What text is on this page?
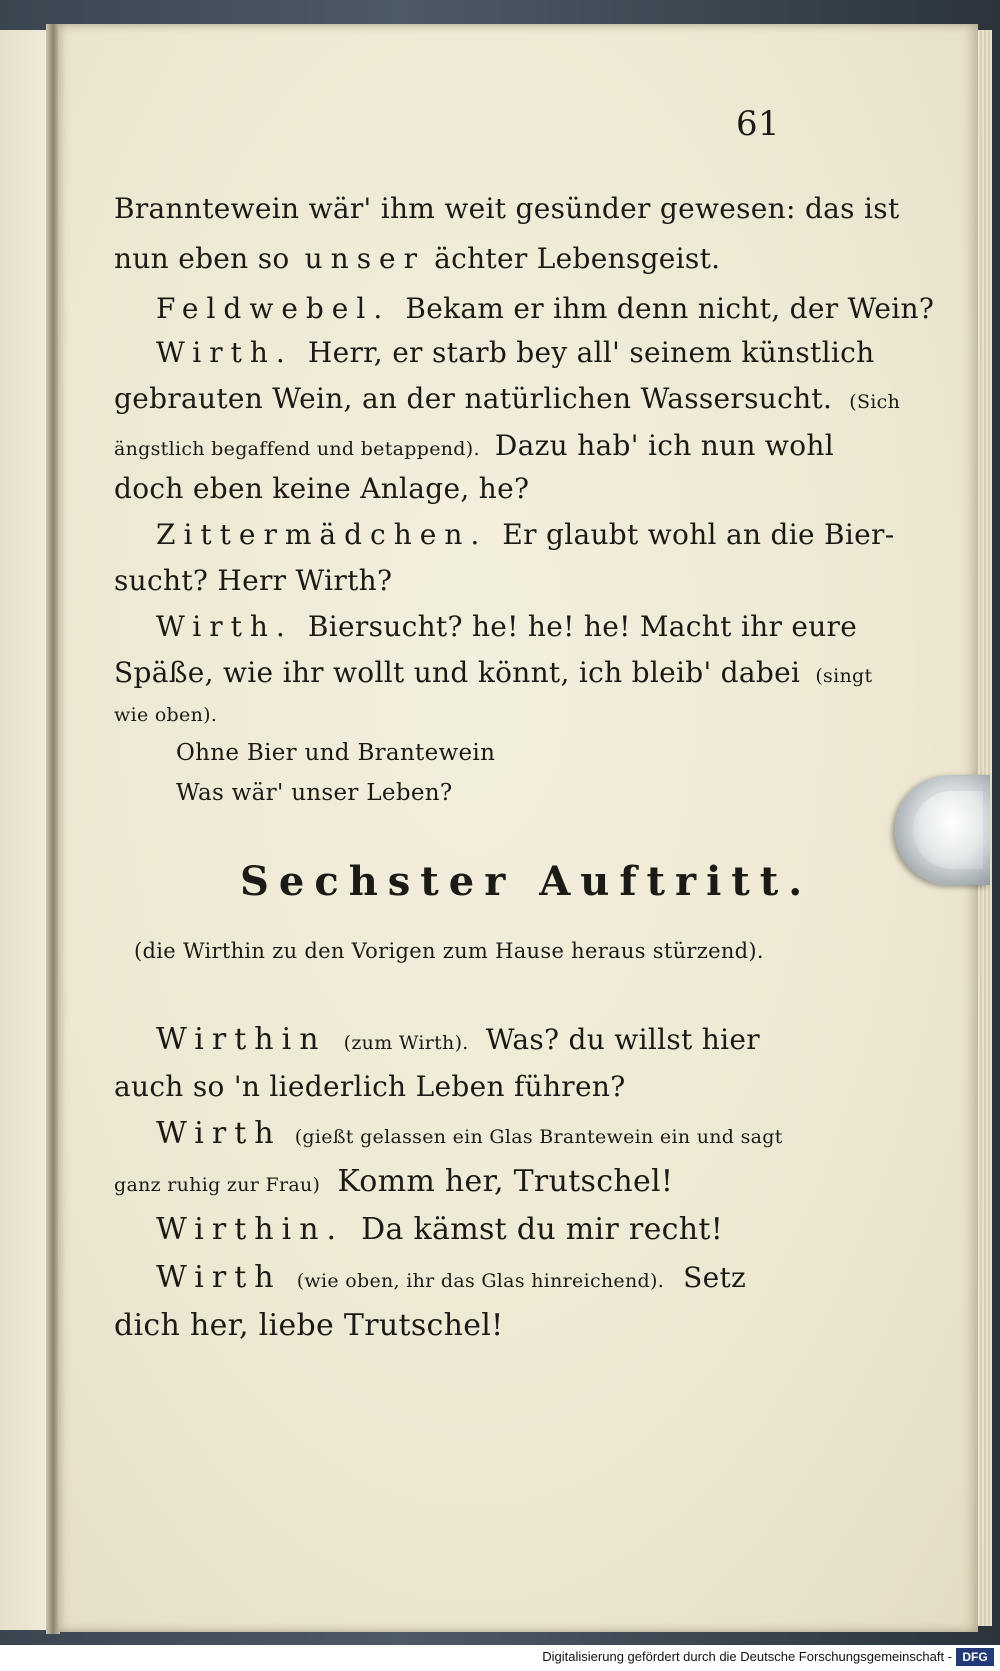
61
Branntewein wär' ihm weit gesünder gewesen: das ist
nun eben so unser ächter Lebensgeist.
Feldwebel. Bekam er ihm denn nicht, der Wein?
Wirth. Herr, er starb bey all' seinem künstlich
gebrauten Wein, an der natürlichen Wassersucht. (Sich
ängstlich begaffend und betappend). Dazu hab' ich nun wohl
doch eben keine Anlage, he?
Zittermädchen. Er glaubt wohl an die Bier-
sucht? Herr Wirth?
Wirth. Biersucht? he! he! he! Macht ihr eure
Späße, wie ihr wollt und könnt, ich bleib' dabei (singt
wie oben).
Ohne Bier und Brantewein
Was wär' unser Leben?
Sechster Auftritt.
(die Wirthin zu den Vorigen zum Hause heraus stürzend).
Wirthin (zum Wirth). Was? du willst hier
auch so 'n liederlich Leben führen?
Wirth (gießt gelassen ein Glas Brantewein ein und sagt
ganz ruhig zur Frau) Komm her, Trutschel!
Wirthin. Da kämst du mir recht!
Wirth (wie oben, ihr das Glas hinreichend). Setz
dich her, liebe Trutschel!
Digitalisierung gefördert durch die Deutsche Forschungsgemeinschaft - DFG
